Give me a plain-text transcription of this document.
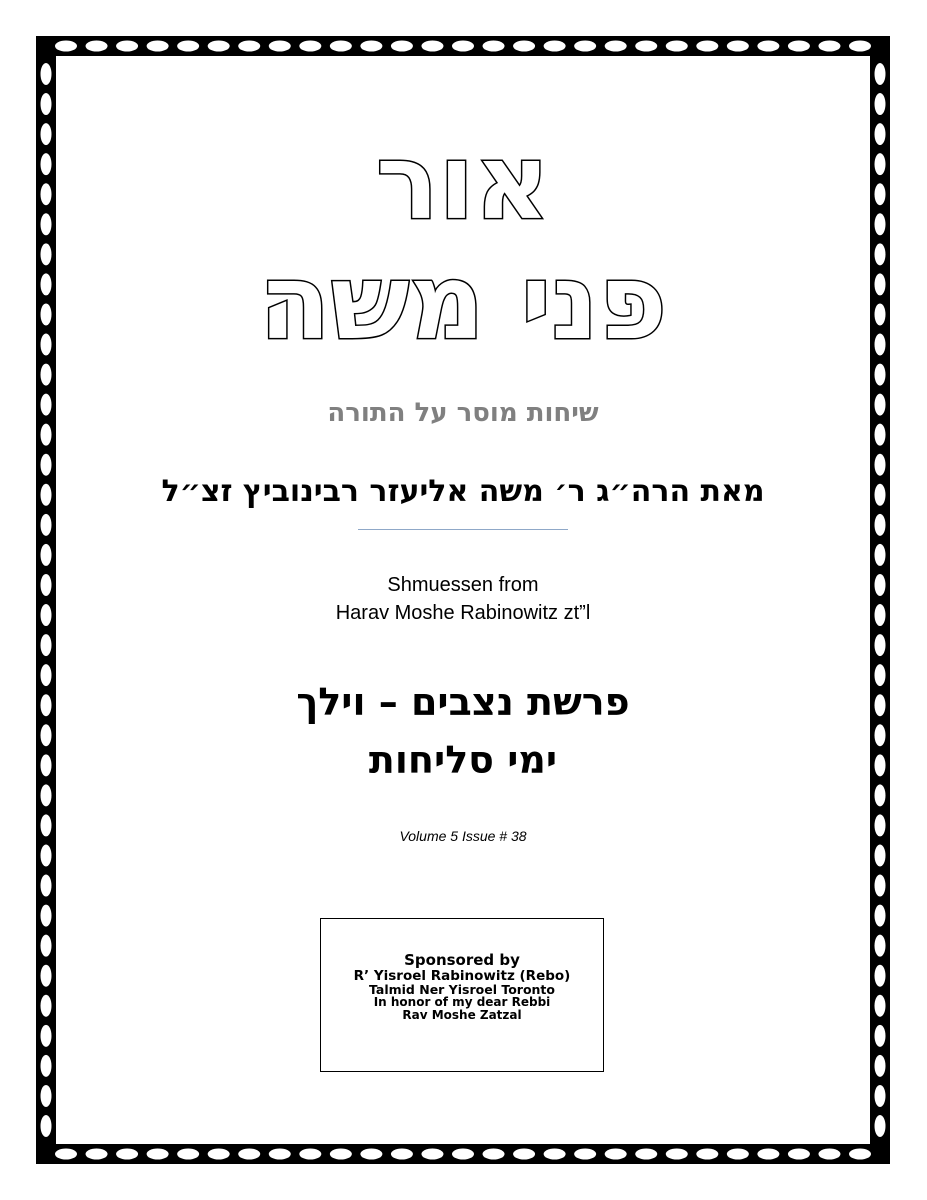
אור
פני משה
שיחות מוסר על התורה
מאת הרה״ג ר׳ משה אליעזר רבינוביץ זצ״ל
Shmuessen from
Harav Moshe Rabinowitz zt”l
פרשת נצבים – וילך
ימי סליחות
Volume 5 Issue # 38
Sponsored by
R’ Yisroel Rabinowitz (Rebo)
Talmid Ner Yisroel Toronto
In honor of my dear Rebbi
Rav Moshe Zatzal
